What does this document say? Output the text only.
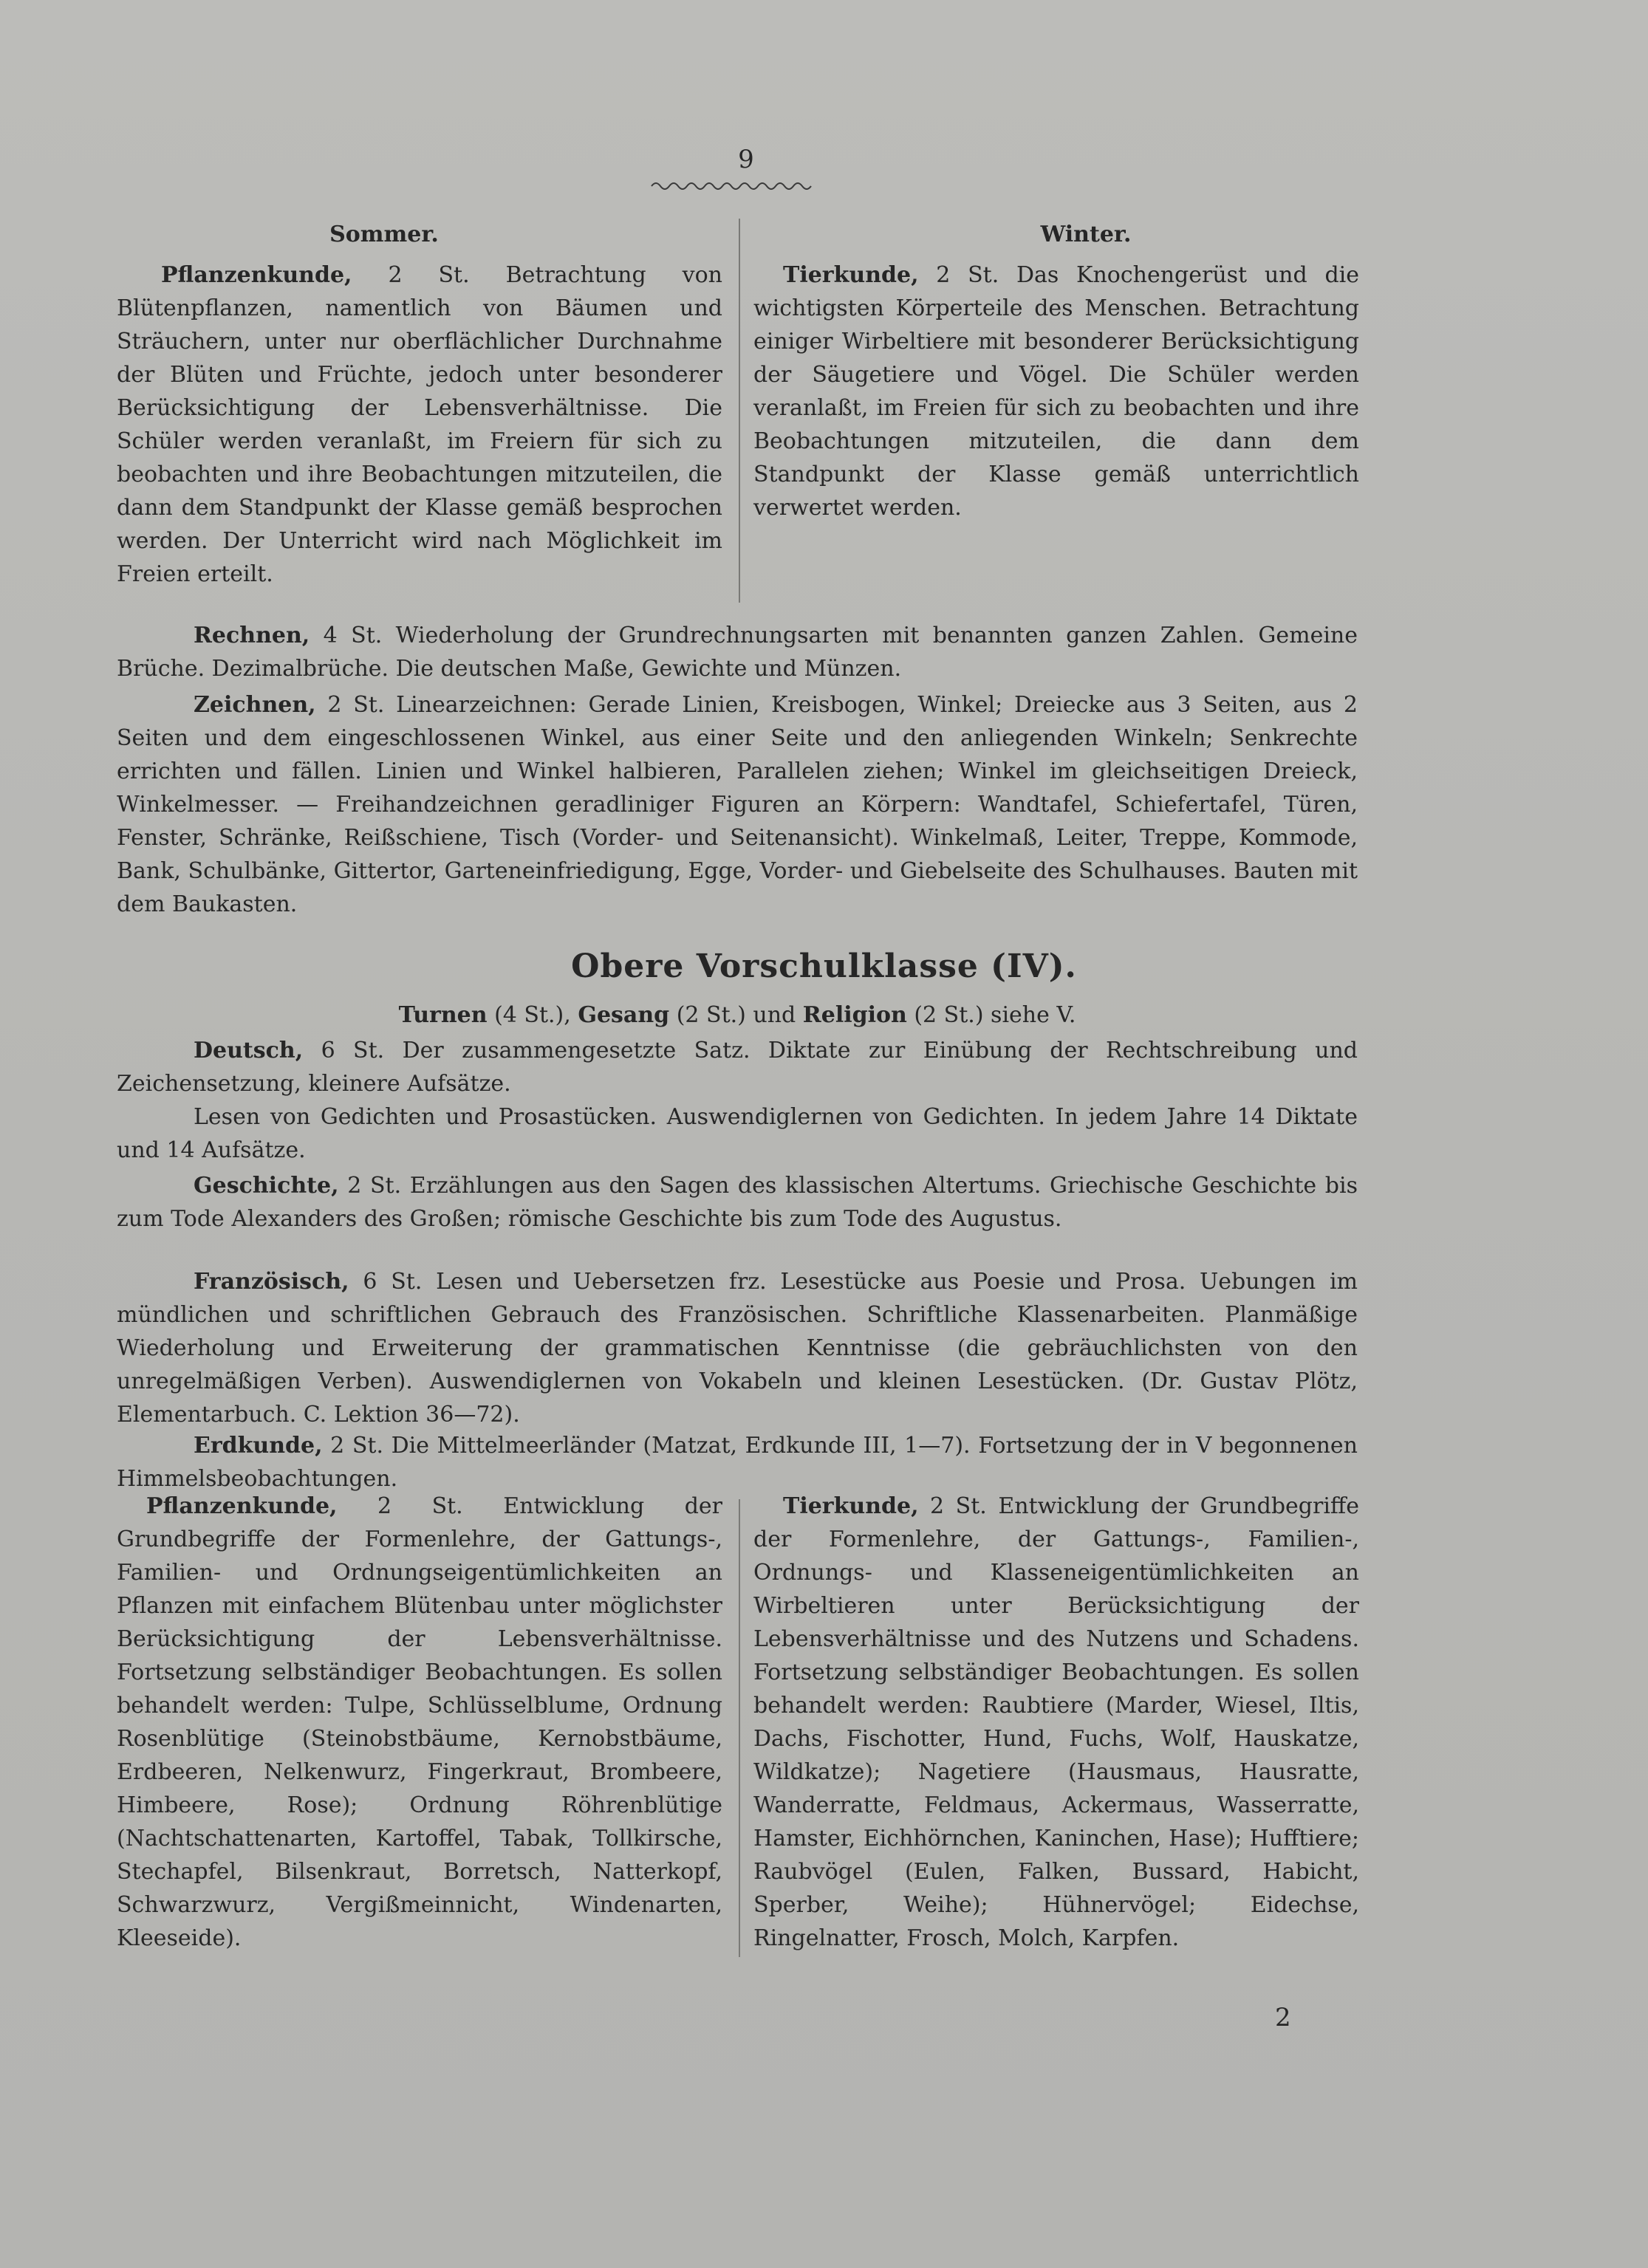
9
Sommer.	Winter.

Pflanzenkunde, 2 St. Betrachtung von Blütenpflanzen, namentlich von Bäumen und Sträuchern, unter nur oberflächlicher Durchnahme der Blüten und Früchte, jedoch unter besonderer Berücksichtigung der Lebensverhältnisse. Die Schüler werden veranlaßt, im Freiern für sich zu beobachten und ihre Beobachtungen mitzuteilen, die dann dem Standpunkt der Klasse gemäß besprochen werden. Der Unterricht wird nach Möglichkeit im Freien erteilt.

Tierkunde, 2 St. Das Knochengerüst und die wichtigsten Körperteile des Menschen. Betrachtung einiger Wirbeltiere mit besonderer Berücksichtigung der Säugetiere und Vögel. Die Schüler werden veranlaßt, im Freien für sich zu beobachten und ihre Beobachtungen mitzuteilen, die dann dem Standpunkt der Klasse gemäß unterrichtlich verwertet werden.

Rechnen, 4 St. Wiederholung der Grundrechnungsarten mit benannten ganzen Zahlen. Gemeine Brüche. Dezimalbrüche. Die deutschen Maße, Gewichte und Münzen.

Zeichnen, 2 St. Linearzeichnen: Gerade Linien, Kreisbogen, Winkel; Dreiecke aus 3 Seiten, aus 2 Seiten und dem eingeschlossenen Winkel, aus einer Seite und den anliegenden Winkeln; Senkrechte errichten und fällen. Linien und Winkel halbieren, Parallelen ziehen; Winkel im gleichseitigen Dreieck, Winkelmesser. — Freihandzeichnen geradliniger Figuren an Körpern: Wandtafel, Schiefertafel, Türen, Fenster, Schränke, Reißschiene, Tisch (Vorder- und Seitenansicht). Winkelmaß, Leiter, Treppe, Kommode, Bank, Schulbänke, Gittertor, Garteneinfriedigung, Egge, Vorder- und Giebelseite des Schulhauses. Bauten mit dem Baukasten.

Obere Vorschulklasse (IV).

Turnen (4 St.), Gesang (2 St.) und Religion (2 St.) siehe V.

Deutsch, 6 St. Der zusammengesetzte Satz. Diktate zur Einübung der Rechtschreibung und Zeichensetzung, kleinere Aufsätze.

Lesen von Gedichten und Prosastücken. Auswendiglernen von Gedichten. In jedem Jahre 14 Diktate und 14 Aufsätze.

Geschichte, 2 St. Erzählungen aus den Sagen des klassischen Altertums. Griechische Geschichte bis zum Tode Alexanders des Großen; römische Geschichte bis zum Tode des Augustus.

Französisch, 6 St. Lesen und Uebersetzen frz. Lesestücke aus Poesie und Prosa. Uebungen im mündlichen und schriftlichen Gebrauch des Französischen. Schriftliche Klassenarbeiten. Planmäßige Wiederholung und Erweiterung der grammatischen Kenntnisse (die gebräuchlichsten von den unregelmäßigen Verben). Auswendiglernen von Vokabeln und kleinen Lesestücken. (Dr. Gustav Plötz, Elementarbuch. C. Lektion 36—72).

Erdkunde, 2 St. Die Mittelmeerländer (Matzat, Erdkunde III, 1—7). Fortsetzung der in V begonnenen Himmelsbeobachtungen.

Pflanzenkunde, 2 St. Entwicklung der Grundbegriffe der Formenlehre, der Gattungs-, Familien- und Ordnungseigentümlichkeiten an Pflanzen mit einfachem Blütenbau unter möglichster Berücksichtigung der Lebensverhältnisse. Fortsetzung selbständiger Beobachtungen. Es sollen behandelt werden: Tulpe, Schlüsselblume, Ordnung Rosenblütige (Steinobstbäume, Kernobstbäume, Erdbeeren, Nelkenwurz, Fingerkraut, Brombeere, Himbeere, Rose); Ordnung Röhrenblütige (Nachtschattenarten, Kartoffel, Tabak, Tollkirsche, Stechapfel, Bilsenkraut, Borretsch, Natterkopf, Schwarzwurz, Vergißmeinnicht, Windenarten, Kleeseide).

Tierkunde, 2 St. Entwicklung der Grundbegriffe der Formenlehre, der Gattungs-, Familien-, Ordnungs- und Klasseneigentümlichkeiten an Wirbeltieren unter Berücksichtigung der Lebensverhältnisse und des Nutzens und Schadens. Fortsetzung selbständiger Beobachtungen. Es sollen behandelt werden: Raubtiere (Marder, Wiesel, Iltis, Dachs, Fischotter, Hund, Fuchs, Wolf, Hauskatze, Wildkatze); Nagetiere (Hausmaus, Hausratte, Wanderratte, Feldmaus, Ackermaus, Wasserratte, Hamster, Eichhörnchen, Kaninchen, Hase); Hufftiere; Raubvögel (Eulen, Falken, Bussard, Habicht, Sperber, Weihe); Hühnervögel; Eidechse, Ringelnatter, Frosch, Molch, Karpfen.

2
